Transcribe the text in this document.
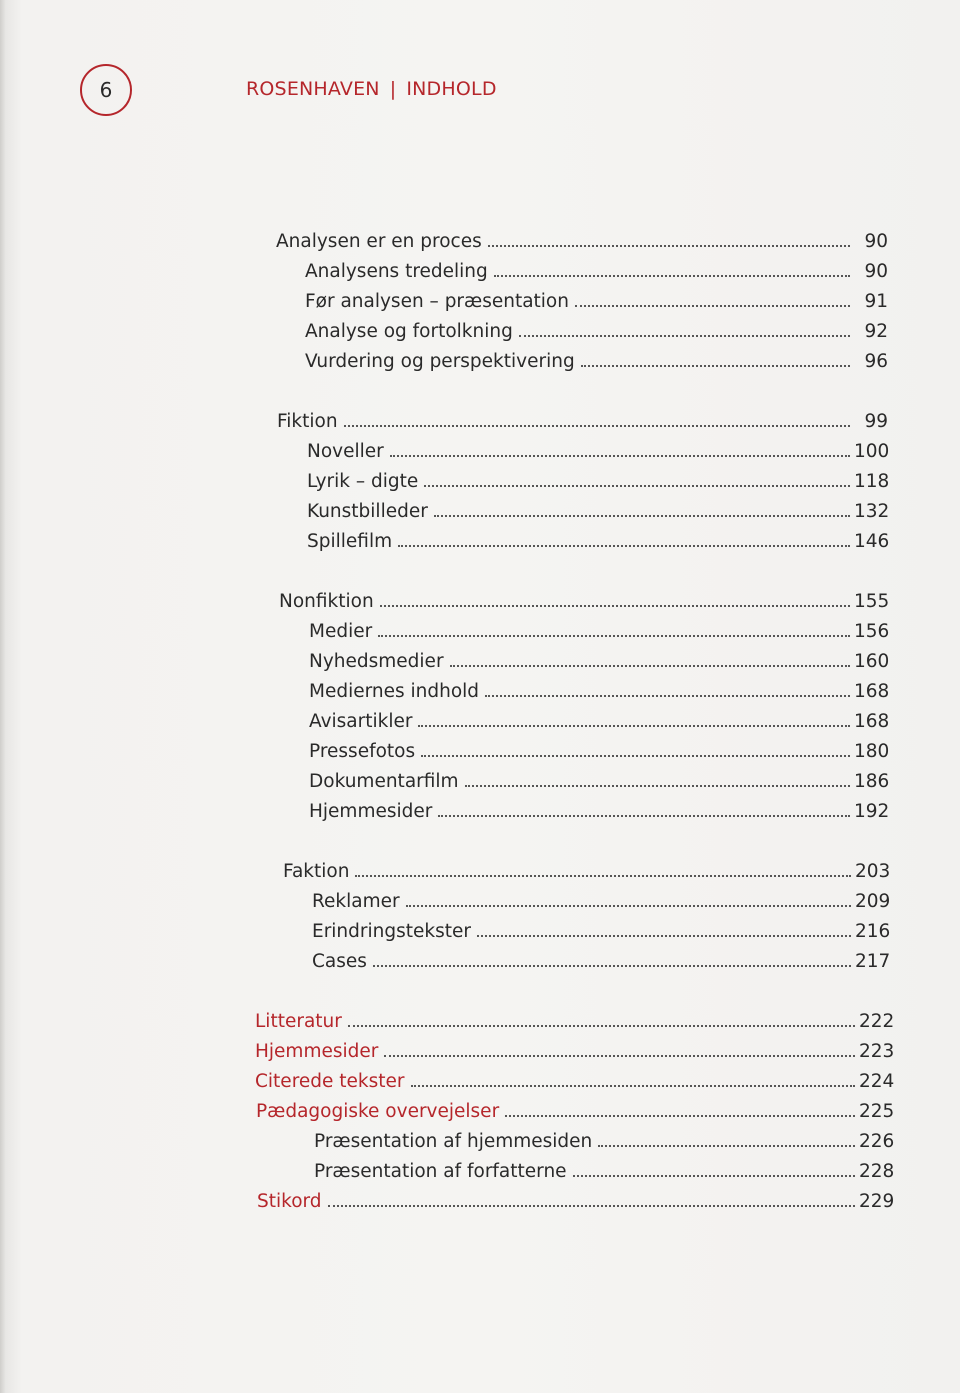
6	ROSENHAVEN | INDHOLD
Analysen er en proces	90
Analysens tredeling	90
Før analysen – præsentation	91
Analyse og fortolkning	92
Vurdering og perspektivering	96
Fiktion	99
Noveller	100
Lyrik – digte	118
Kunstbilleder	132
Spillefilm	146
Nonfiktion	155
Medier	156
Nyhedsmedier	160
Mediernes indhold	168
Avisartikler	168
Pressefotos	180
Dokumentarfilm	186
Hjemmesider	192
Faktion	203
Reklamer	209
Erindringstekster	216
Cases	217
Litteratur	222
Hjemmesider	223
Citerede tekster	224
Pædagogiske overvejelser	225
Præsentation af hjemmesiden	226
Præsentation af forfatterne	228
Stikord	229
